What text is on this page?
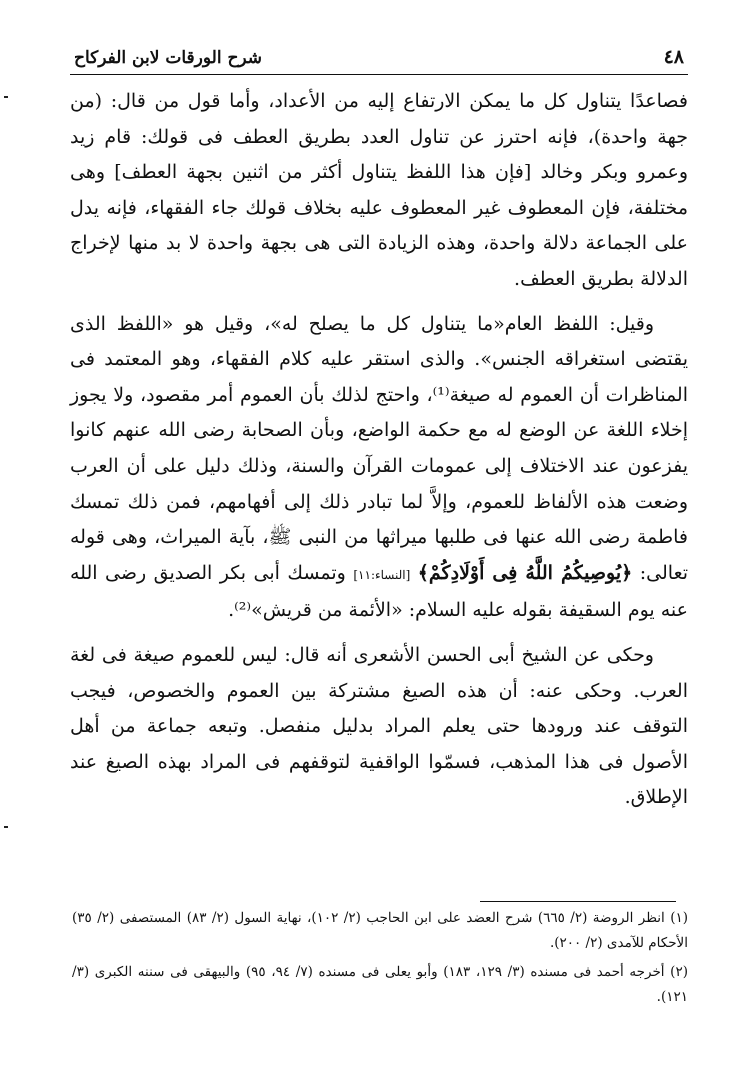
٤٨
شرح الورقات لابن الفركاح

فصاعدًا يتناول كل ما يمكن الارتفاع إليه من الأعداد، وأما قول من قال: (من جهة واحدة)، فإنه احترز عن تناول العدد بطريق العطف فى قولك: قام زيد وعمرو وبكر وخالد [فإن هذا اللفظ يتناول أكثر من اثنين بجهة العطف] وهى مختلفة، فإن المعطوف غير المعطوف عليه بخلاف قولك جاء الفقهاء، فإنه يدل على الجماعة دلالة واحدة، وهذه الزيادة التى هى بجهة واحدة لا بد منها لإخراج الدلالة بطريق العطف.

وقيل: اللفظ العام«ما يتناول كل ما يصلح له»، وقيل هو «اللفظ الذى يقتضى استغراقه الجنس». والذى استقر عليه كلام الفقهاء، وهو المعتمد فى المناظرات أن العموم له صيغة⁽¹⁾، واحتج لذلك بأن العموم أمر مقصود، ولا يجوز إخلاء اللغة عن الوضع له مع حكمة الواضع، وبأن الصحابة رضى الله عنهم كانوا يفزعون عند الاختلاف إلى عمومات القرآن والسنة، وذلك دليل على أن العرب وضعت هذه الألفاظ للعموم، وإلاَّ لما تبادر ذلك إلى أفهامهم، فمن ذلك تمسك فاطمة رضى الله عنها فى طلبها ميراثها من النبى ﷺ، بآية الميراث، وهى قوله تعالى: ﴿يُوصِيكُمُ اللَّهُ فِى أَوْلَادِكُمْ﴾ [النساء:١١] وتمسك أبى بكر الصديق رضى الله عنه يوم السقيفة بقوله عليه السلام: «الأئمة من قريش»⁽²⁾.

وحكى عن الشيخ أبى الحسن الأشعرى أنه قال: ليس للعموم صيغة فى لغة العرب. وحكى عنه: أن هذه الصيغ مشتركة بين العموم والخصوص، فيجب التوقف عند ورودها حتى يعلم المراد بدليل منفصل. وتبعه جماعة من أهل الأصول فى هذا المذهب، فسمّوا الواقفية لتوقفهم فى المراد بهذه الصيغ عند الإطلاق.

(١) انظر الروضة (٢/ ٦٦٥) شرح العضد على ابن الحاجب (٢/ ١٠٢)، نهاية السول (٢/ ٨٣) المستصفى (٢/ ٣٥) الأحكام للآمدى (٢/ ٢٠٠).

(٢) أخرجه أحمد فى مسنده (٣/ ١٢٩، ١٨٣) وأبو يعلى فى مسنده (٧/ ٩٤، ٩٥) والبيهقى فى سننه الكبرى (٣/ ١٢١).
